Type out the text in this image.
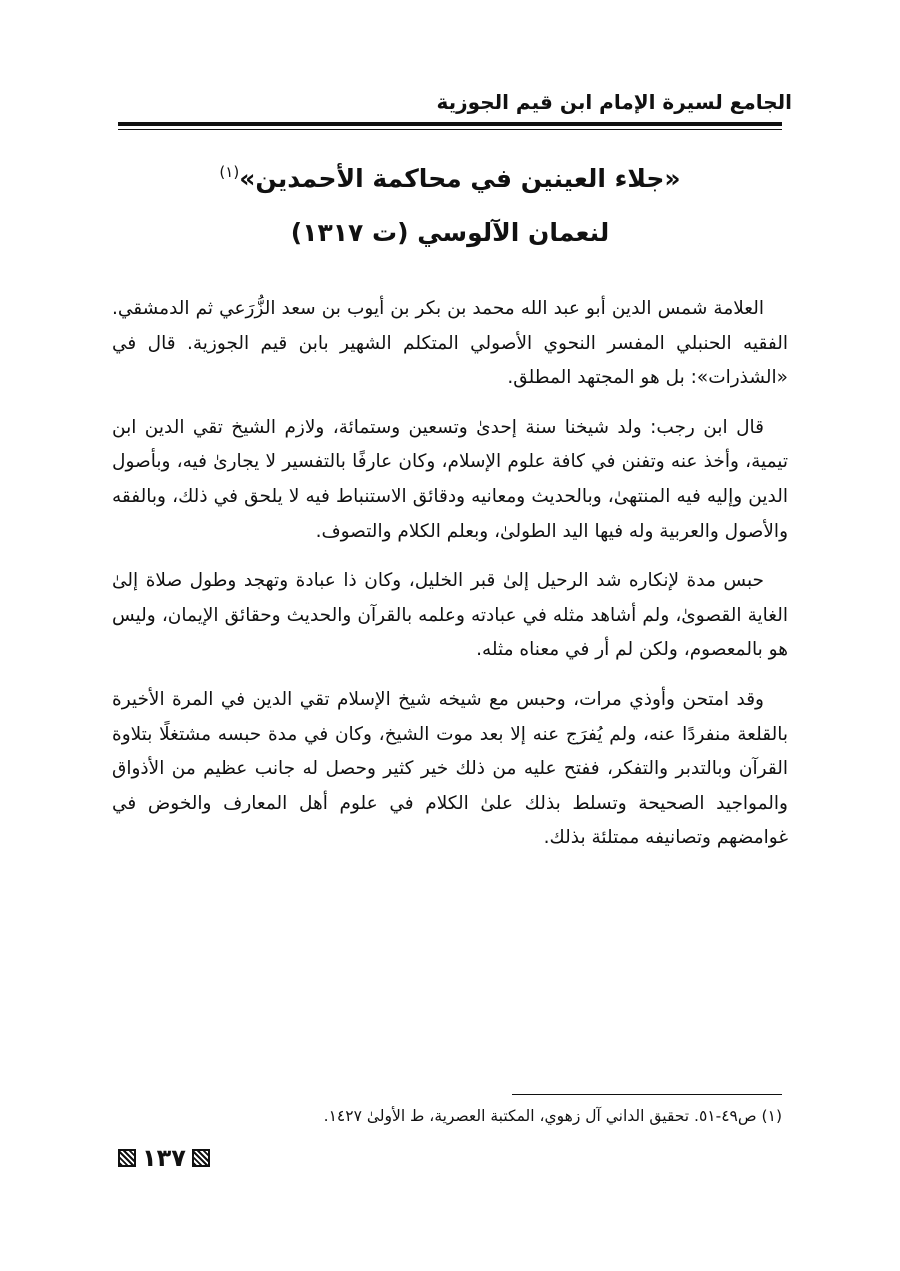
الجامع لسيرة الإمام ابن قيم الجوزية
«جلاء العينين في محاكمة الأحمدين»$^{(١)}$
لنعمان الآلوسي (ت ١٣١٧)

العلامة شمس الدين أبو عبد الله محمد بن بكر بن أيوب بن سعد الزُّرَعي ثم الدمشقي. الفقيه الحنبلي المفسر النحوي الأصولي المتكلم الشهير بابن قيم الجوزية. قال في «الشذرات»: بل هو المجتهد المطلق.

قال ابن رجب: ولد شيخنا سنة إحدىٰ وتسعين وستمائة، ولازم الشيخ تقي الدين ابن تيمية، وأخذ عنه وتفنن في كافة علوم الإسلام، وكان عارفًا بالتفسير لا يجارىٰ فيه، وبأصول الدين وإليه فيه المنتهىٰ، وبالحديث ومعانيه ودقائق الاستنباط فيه لا يلحق في ذلك، وبالفقه والأصول والعربية وله فيها اليد الطولىٰ، وبعلم الكلام والتصوف.

حبس مدة لإنكاره شد الرحيل إلىٰ قبر الخليل، وكان ذا عبادة وتهجد وطول صلاة إلىٰ الغاية القصوىٰ، ولم أشاهد مثله في عبادته وعلمه بالقرآن والحديث وحقائق الإيمان، وليس هو بالمعصوم، ولكن لم أر في معناه مثله.

وقد امتحن وأوذي مرات، وحبس مع شيخه شيخ الإسلام تقي الدين في المرة الأخيرة بالقلعة منفردًا عنه، ولم يُفرَج عنه إلا بعد موت الشيخ، وكان في مدة حبسه مشتغلًا بتلاوة القرآن وبالتدبر والتفكر، ففتح عليه من ذلك خير كثير وحصل له جانب عظيم من الأذواق والمواجيد الصحيحة وتسلط بذلك علىٰ الكلام في علوم أهل المعارف والخوض في غوامضهم وتصانيفه ممتلئة بذلك.

(١) ص٤٩-٥١. تحقيق الداني آل زهوي، المكتبة العصرية، ط الأولىٰ ١٤٢٧.
١٣٧
